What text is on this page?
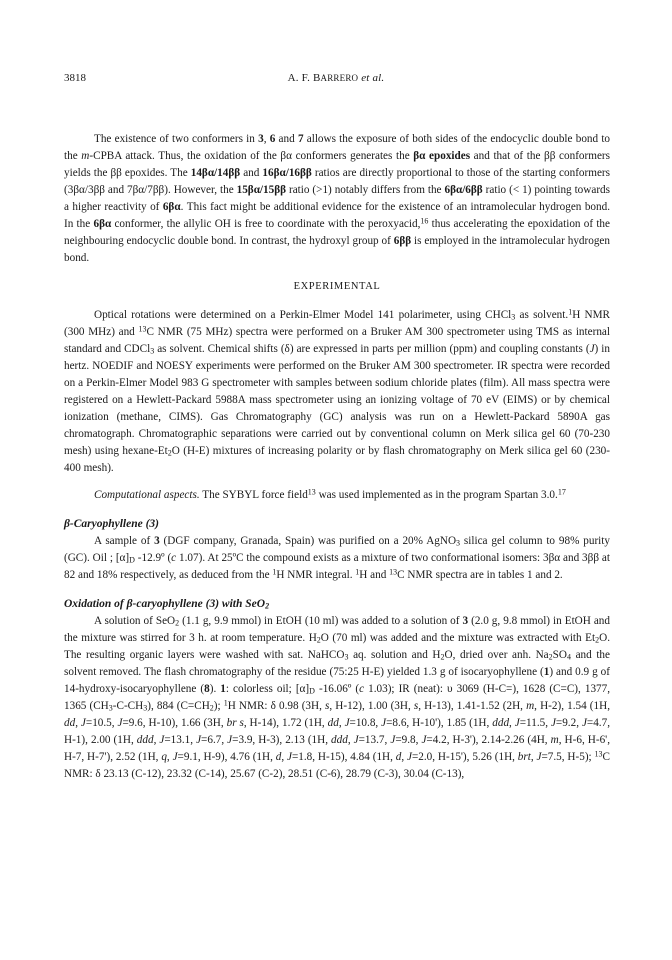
3818	A. F. BARRERO et al.

The existence of two conformers in 3, 6 and 7 allows the exposure of both sides of the endocyclic double bond to the m-CPBA attack. Thus, the oxidation of the βα conformers generates the βα epoxides and that of the ββ conformers yields the ββ epoxides. The 14βα/14ββ and 16βα/16ββ ratios are directly proportional to those of the starting conformers (3βα/3ββ and 7βα/7ββ). However, the 15βα/15ββ ratio (>1) notably differs from the 6βα/6ββ ratio (< 1) pointing towards a higher reactivity of 6βα. This fact might be additional evidence for the existence of an intramolecular hydrogen bond. In the 6βα conformer, the allylic OH is free to coordinate with the peroxyacid,$^{16}$ thus accelerating the epoxidation of the neighbouring endocyclic double bond. In contrast, the hydroxyl group of 6ββ is employed in the intramolecular hydrogen bond.

EXPERIMENTAL

Optical rotations were determined on a Perkin-Elmer Model 141 polarimeter, using CHCl$_3$ as solvent.$^1$H NMR (300 MHz) and $^{13}$C NMR (75 MHz) spectra were performed on a Bruker AM 300 spectrometer using TMS as internal standard and CDCl$_3$ as solvent. Chemical shifts (δ) are expressed in parts per million (ppm) and coupling constants (J) in hertz. NOEDIF and NOESY experiments were performed on the Bruker AM 300 spectrometer. IR spectra were recorded on a Perkin-Elmer Model 983 G spectrometer with samples between sodium chloride plates (film). All mass spectra were registered on a Hewlett-Packard 5988A mass spectrometer using an ionizing voltage of 70 eV (EIMS) or by chemical ionization (methane, CIMS). Gas Chromatography (GC) analysis was run on a Hewlett-Packard 5890A gas chromatograph. Chromatographic separations were carried out by conventional column on Merk silica gel 60 (70-230 mesh) using hexane-$Et_2O$ (H-E) mixtures of increasing polarity or by flash chromatography on Merk silica gel 60 (230-400 mesh).

Computational aspects. The SYBYL force field$^{13}$ was used implemented as in the program Spartan 3.0.17

β-Caryophyllene (3)

A sample of 3 (DGF company, Granada, Spain) was purified on a 20% AgNO$_3$ silica gel column to 98% purity (GC). Oil ; $[\alpha]_D$ -12.9º (c 1.07). At 25ºC the compound exists as a mixture of two conformational isomers: 3βα and 3ββ at 82 and 18% respectively, as deduced from the $^1$H NMR integral. $^1$H and $^{13}$C NMR spectra are in tables 1 and 2.

Oxidation of β-caryophyllene (3) with SeO$_2$

A solution of SeO$_2$ (1.1 g, 9.9 mmol) in EtOH (10 ml) was added to a solution of 3 (2.0 g, 9.8 mmol) in EtOH and the mixture was stirred for 3 h. at room temperature. $H_2O$ (70 ml) was added and the mixture was extracted with $Et_2O$. The resulting organic layers were washed with sat. NaHCO$_3$ aq. solution and $H_2O$, dried over anh. $Na_2SO_4$ and the solvent removed. The flash chromatography of the residue (75:25 H-E) yielded 1.3 g of isocaryophyllene (1) and 0.9 g of 14-hydroxy-isocaryophyllene (8). 1: colorless oil; $[\alpha]_D$ -16.06º (c 1.03); IR (neat): υ 3069 (H-C=), 1628 (C=C), 1377, 1365 $(CH_3-C-CH_3)$, 884 $(C=CH_2)$; $^1$H NMR: δ 0.98 (3H, s, H-12), 1.00 (3H, s, H-13), 1.41-1.52 (2H, m, H-2), 1.54 (1H, dd, J=10.5, J=9.6, H-10), 1.66 (3H, br s, H-14), 1.72 (1H, dd, J=10.8, J=8.6, H-10'), 1.85 (1H, ddd, J=11.5, J=9.2, J=4.7, H-1), 2.00 (1H, ddd, J=13.1, J=6.7, J=3.9, H-3), 2.13 (1H, ddd, J=13.7, J=9.8, J=4.2, H-3'), 2.14-2.26 (4H, m, H-6, H-6', H-7, H-7'), 2.52 (1H, q, J=9.1, H-9), 4.76 (1H, d, J=1.8, H-15), 4.84 (1H, d, J=2.0, H-15'), 5.26 (1H, brt, J=7.5, H-5); $^{13}$C NMR: δ 23.13 (C-12), 23.32 (C-14), 25.67 (C-2), 28.51 (C-6), 28.79 (C-3), 30.04 (C-13),
